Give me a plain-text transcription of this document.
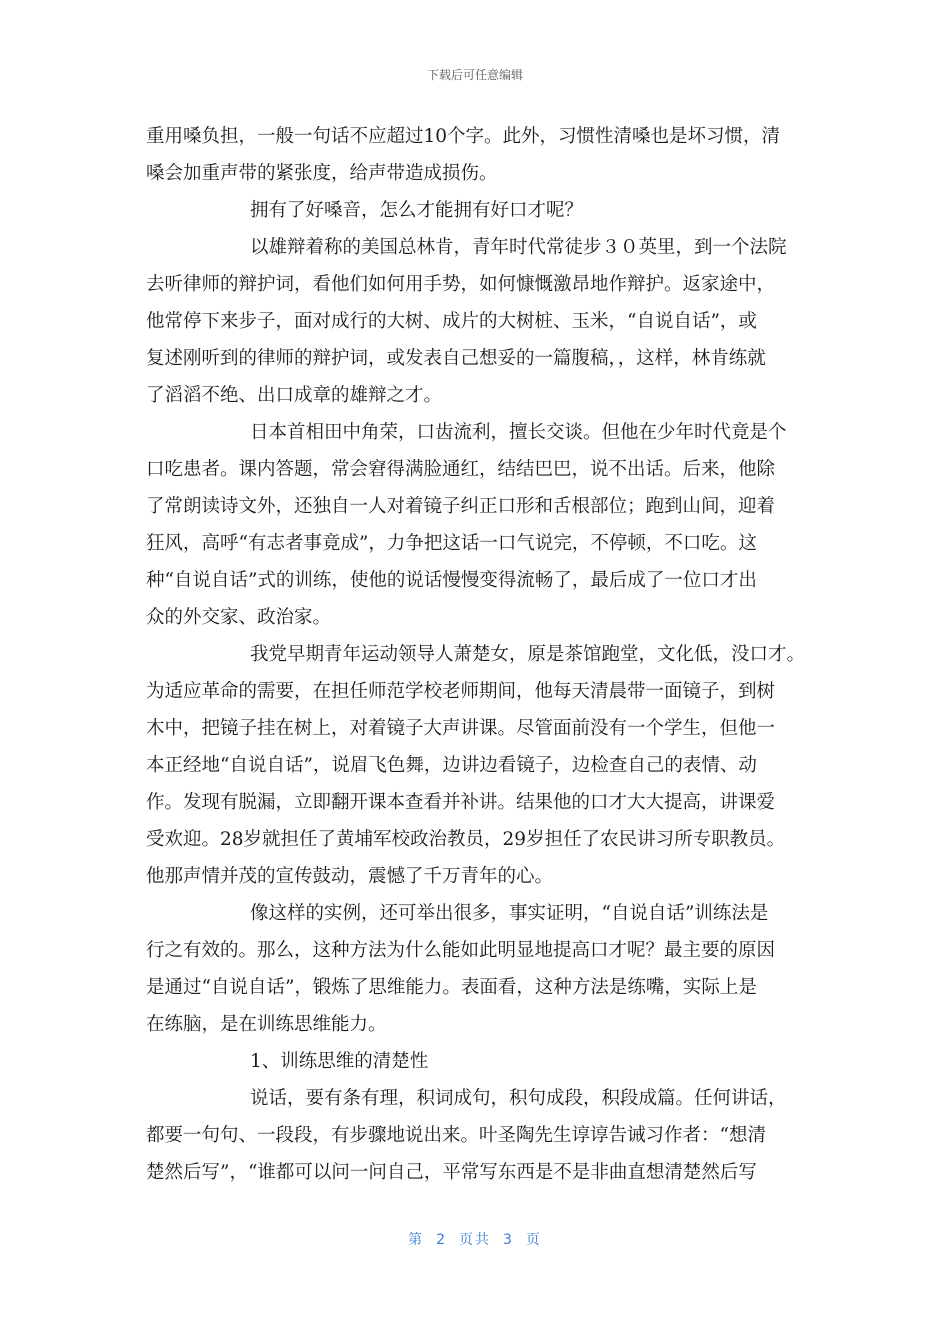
下载后可任意编辑
重用嗓负担，一般一句话不应超过10个字。此外，习惯性清嗓也是坏习惯，清
嗓会加重声带的紧张度，给声带造成损伤。
拥有了好嗓音，怎么才能拥有好口才呢？
以雄辩着称的美国总林肯，青年时代常徒步３０英里，到一个法院
去听律师的辩护词，看他们如何用手势，如何慷慨激昂地作辩护。返家途中，
他常停下来步子，面对成行的大树、成片的大树桩、玉米，“自说自话”，或
复述刚听到的律师的辩护词，或发表自己想妥的一篇腹稿，，这样，林肯练就
了滔滔不绝、出口成章的雄辩之才。
日本首相田中角荣，口齿流利，擅长交谈。但他在少年时代竟是个
口吃患者。课内答题，常会窘得满脸通红，结结巴巴，说不出话。后来，他除
了常朗读诗文外，还独自一人对着镜子纠正口形和舌根部位；跑到山间，迎着
狂风，高呼“有志者事竟成”，力争把这话一口气说完，不停顿，不口吃。这
种“自说自话”式的训练，使他的说话慢慢变得流畅了，最后成了一位口才出
众的外交家、政治家。
我党早期青年运动领导人萧楚女，原是茶馆跑堂，文化低，没口才。
为适应革命的需要，在担任师范学校老师期间，他每天清晨带一面镜子，到树
木中，把镜子挂在树上，对着镜子大声讲课。尽管面前没有一个学生，但他一
本正经地“自说自话”，说眉飞色舞，边讲边看镜子，边检查自己的表情、动
作。发现有脱漏，立即翻开课本查看并补讲。结果他的口才大大提高，讲课爱
受欢迎。28岁就担任了黄埔军校政治教员，29岁担任了农民讲习所专职教员。
他那声情并茂的宣传鼓动，震憾了千万青年的心。
像这样的实例，还可举出很多，事实证明，“自说自话”训练法是
行之有效的。那么，这种方法为什么能如此明显地提高口才呢？最主要的原因
是通过“自说自话”，锻炼了思维能力。表面看，这种方法是练嘴，实际上是
在练脑，是在训练思维能力。
1、训练思维的清楚性
说话，要有条有理，积词成句，积句成段，积段成篇。任何讲话，
都要一句句、一段段，有步骤地说出来。叶圣陶先生谆谆告诫习作者：“想清
楚然后写”，“谁都可以问一问自己，平常写东西是不是非曲直想清楚然后写
第 2 页共 3 页
